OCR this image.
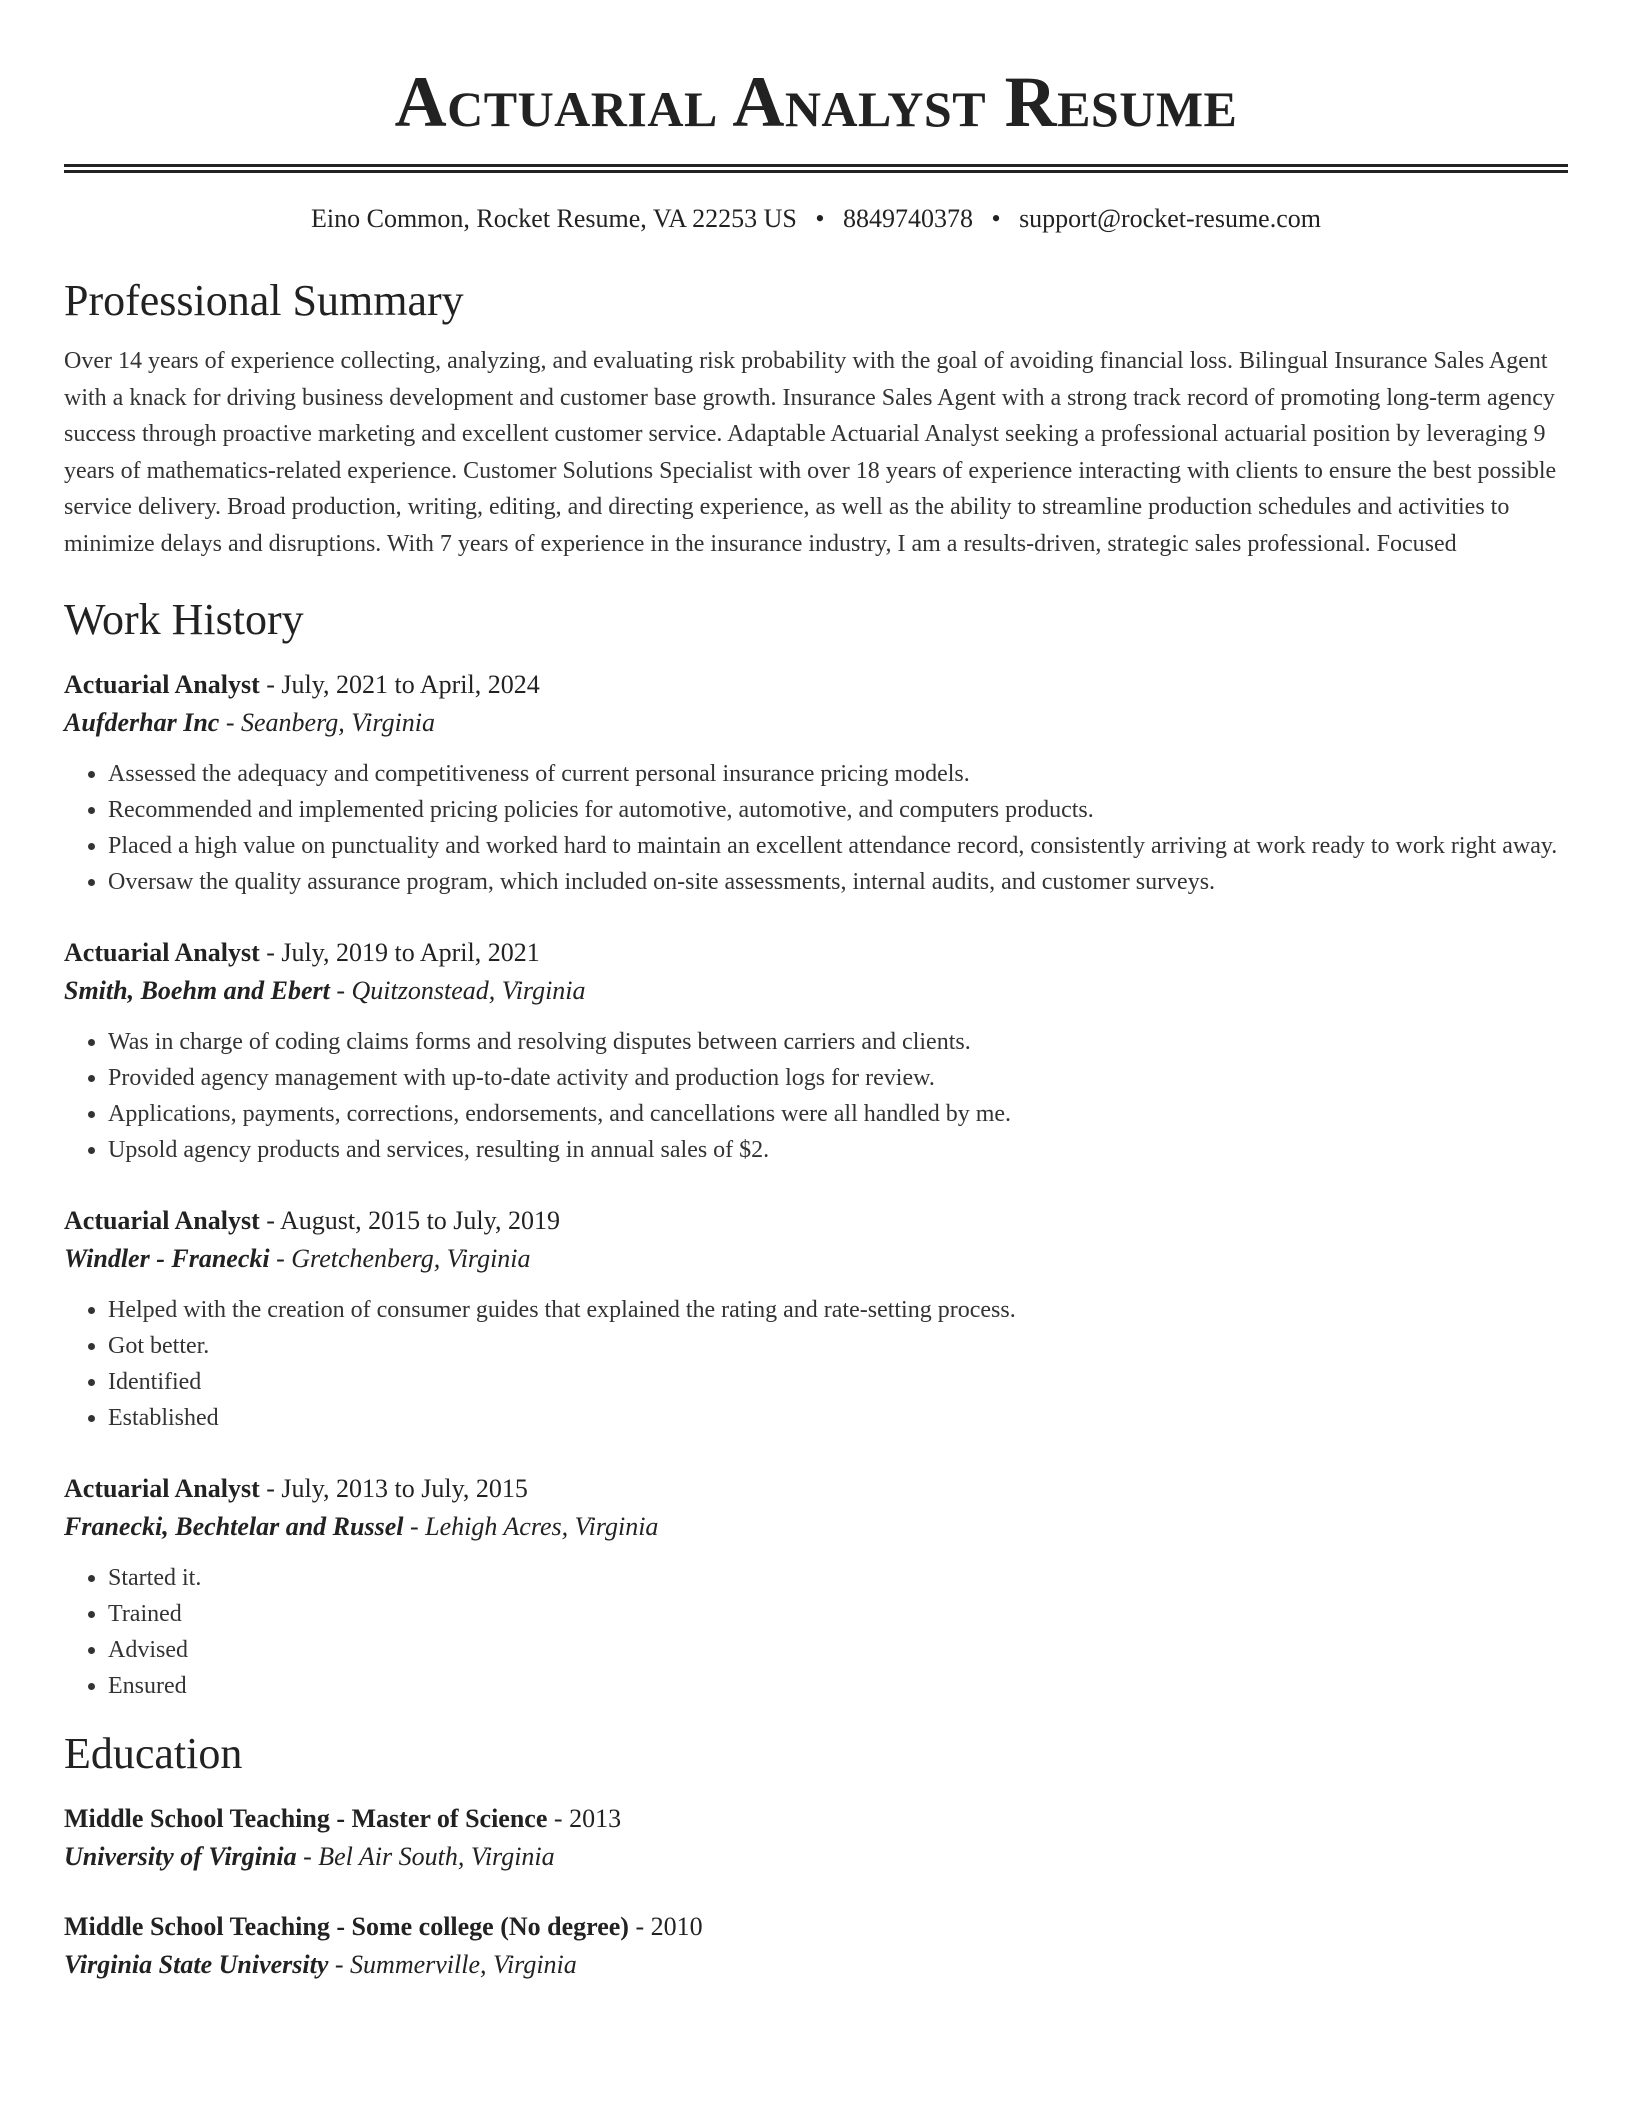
Actuarial Analyst Resume
Eino Common, Rocket Resume, VA 22253 US • 8849740378 • support@rocket-resume.com
Professional Summary

Over 14 years of experience collecting, analyzing, and evaluating risk probability with the goal of avoiding financial loss. Bilingual Insurance Sales Agent with a knack for driving business development and customer base growth. Insurance Sales Agent with a strong track record of promoting long-term agency success through proactive marketing and excellent customer service. Adaptable Actuarial Analyst seeking a professional actuarial position by leveraging 9 years of mathematics-related experience. Customer Solutions Specialist with over 18 years of experience interacting with clients to ensure the best possible service delivery. Broad production, writing, editing, and directing experience, as well as the ability to streamline production schedules and activities to minimize delays and disruptions. With 7 years of experience in the insurance industry, I am a results-driven, strategic sales professional. Focused

Work History
Actuarial Analyst - July, 2021 to April, 2024
Aufderhar Inc - Seanberg, Virginia
• Assessed the adequacy and competitiveness of current personal insurance pricing models.
• Recommended and implemented pricing policies for automotive, automotive, and computers products.
• Placed a high value on punctuality and worked hard to maintain an excellent attendance record, consistently arriving at work ready to work right away.
• Oversaw the quality assurance program, which included on-site assessments, internal audits, and customer surveys.
Actuarial Analyst - July, 2019 to April, 2021
Smith, Boehm and Ebert - Quitzonstead, Virginia
• Was in charge of coding claims forms and resolving disputes between carriers and clients.
• Provided agency management with up-to-date activity and production logs for review.
• Applications, payments, corrections, endorsements, and cancellations were all handled by me.
• Upsold agency products and services, resulting in annual sales of $2.
Actuarial Analyst - August, 2015 to July, 2019
Windler - Franecki - Gretchenberg, Virginia
• Helped with the creation of consumer guides that explained the rating and rate-setting process.
• Got better.
• Identified
• Established
Actuarial Analyst - July, 2013 to July, 2015
Franecki, Bechtelar and Russel - Lehigh Acres, Virginia
• Started it.
• Trained
• Advised
• Ensured
Education
Middle School Teaching - Master of Science - 2013
University of Virginia - Bel Air South, Virginia
Middle School Teaching - Some college (No degree) - 2010
Virginia State University - Summerville, Virginia
